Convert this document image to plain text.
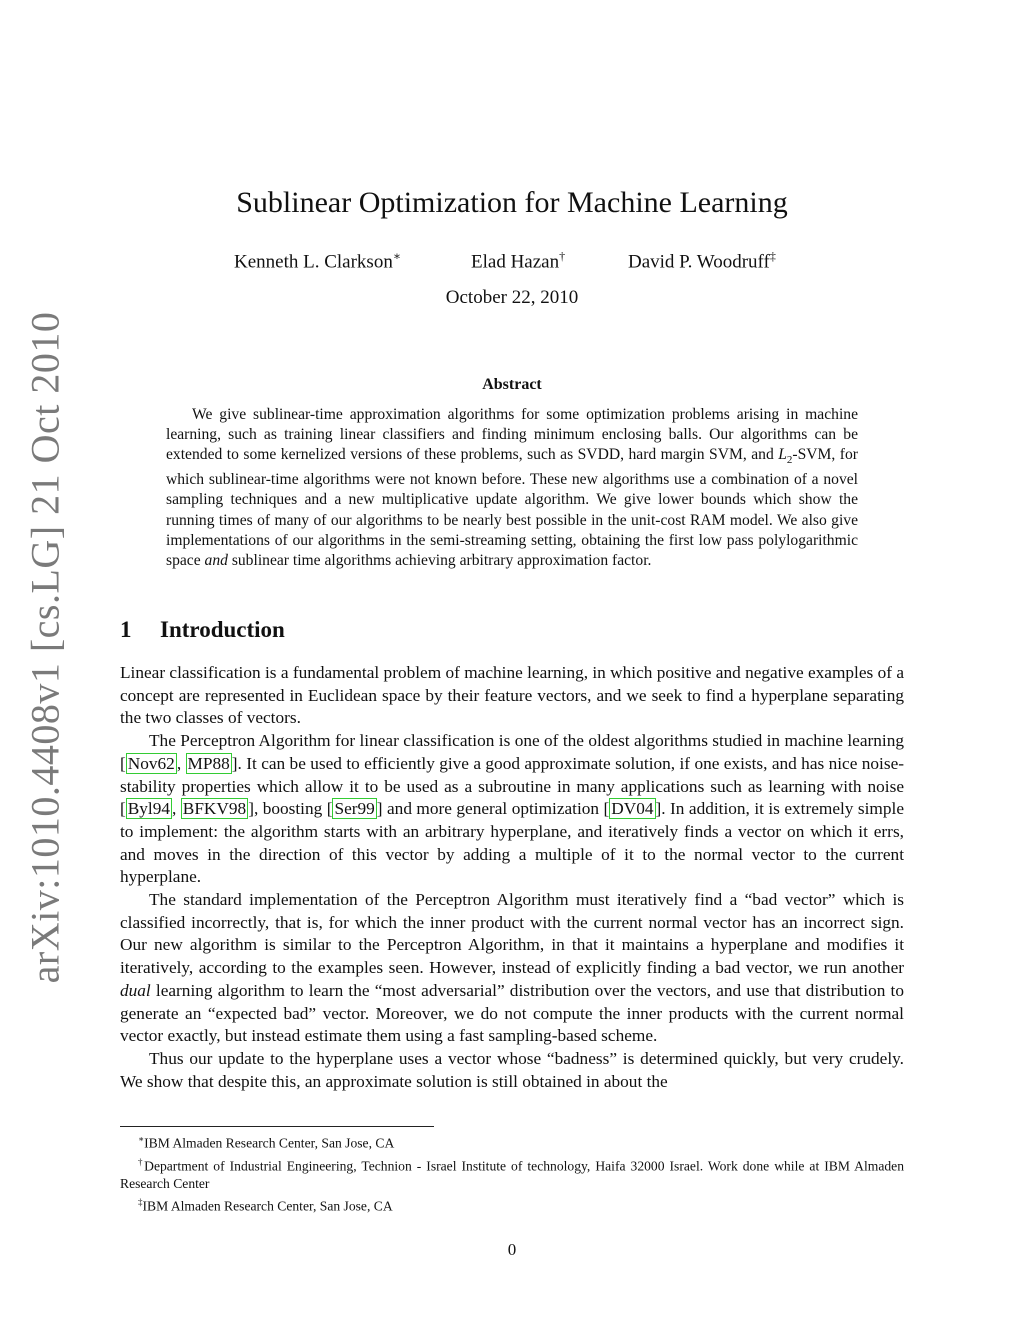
arXiv:1010.4408v1 [cs.LG] 21 Oct 2010
Sublinear Optimization for Machine Learning
Kenneth L. Clarkson∗	Elad Hazan†	David P. Woodruff‡
October 22, 2010
Abstract

We give sublinear-time approximation algorithms for some optimization problems arising in machine learning, such as training linear classifiers and finding minimum enclosing balls. Our algorithms can be extended to some kernelized versions of these problems, such as SVDD, hard margin SVM, and $L_2$-SVM, for which sublinear-time algorithms were not known before. These new algorithms use a combination of a novel sampling techniques and a new multiplicative update algorithm. We give lower bounds which show the running times of many of our algorithms to be nearly best possible in the unit-cost RAM model. We also give implementations of our algorithms in the semi-streaming setting, obtaining the first low pass polylogarithmic space and sublinear time algorithms achieving arbitrary approximation factor.

1 Introduction

Linear classification is a fundamental problem of machine learning, in which positive and negative examples of a concept are represented in Euclidean space by their feature vectors, and we seek to find a hyperplane separating the two classes of vectors.

The Perceptron Algorithm for linear classification is one of the oldest algorithms studied in machine learning [ Nov62 , MP88 ]. It can be used to efficiently give a good approximate solution, if one exists, and has nice noise-stability properties which allow it to be used as a subroutine in many applications such as learning with noise [ Byl94 , BFKV98 ], boosting [ Ser99 ] and more general optimization [ DV04 ]. In addition, it is extremely simple to implement: the algorithm starts with an arbitrary hyperplane, and iteratively finds a vector on which it errs, and moves in the direction of this vector by adding a multiple of it to the normal vector to the current hyperplane.

The standard implementation of the Perceptron Algorithm must iteratively find a “bad vector” which is classified incorrectly, that is, for which the inner product with the current normal vector has an incorrect sign. Our new algorithm is similar to the Perceptron Algorithm, in that it maintains a hyperplane and modifies it iteratively, according to the examples seen. However, instead of explicitly finding a bad vector, we run another dual learning algorithm to learn the “most adversarial” distribution over the vectors, and use that distribution to generate an “expected bad” vector. Moreover, we do not compute the inner products with the current normal vector exactly, but instead estimate them using a fast sampling-based scheme.

Thus our update to the hyperplane uses a vector whose “badness” is determined quickly, but very crudely. We show that despite this, an approximate solution is still obtained in about the

∗IBM Almaden Research Center, San Jose, CA

†Department of Industrial Engineering, Technion - Israel Institute of technology, Haifa 32000 Israel. Work done while at IBM Almaden Research Center

‡IBM Almaden Research Center, San Jose, CA

0
